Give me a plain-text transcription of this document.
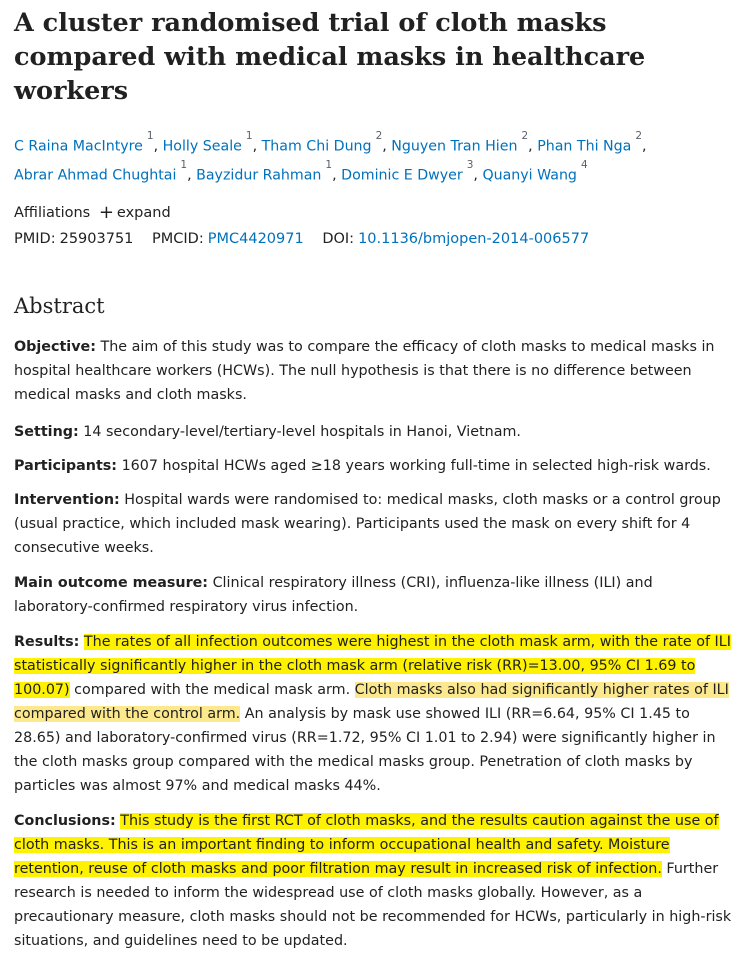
A cluster randomised trial of cloth masks compared with medical masks in healthcare workers
C Raina MacIntyre$^1$, Holly Seale$^1$, Tham Chi Dung$^2$, Nguyen Tran Hien$^2$, Phan Thi Nga$^2$,
Abrar Ahmad Chughtai$^1$, Bayzidur Rahman$^1$, Dominic E Dwyer$^3$, Quanyi Wang$^4$
Affiliations + expand
PMID: 25903751 PMCID: PMC4420971 DOI: 10.1136/bmjopen-2014-006577
Abstract

Objective: The aim of this study was to compare the efficacy of cloth masks to medical masks in hospital healthcare workers (HCWs). The null hypothesis is that there is no difference between medical masks and cloth masks.

Setting: 14 secondary-level/tertiary-level hospitals in Hanoi, Vietnam.

Participants: 1607 hospital HCWs aged ≥18 years working full-time in selected high-risk wards.

Intervention: Hospital wards were randomised to: medical masks, cloth masks or a control group (usual practice, which included mask wearing). Participants used the mask on every shift for 4 consecutive weeks.

Main outcome measure: Clinical respiratory illness (CRI), influenza-like illness (ILI) and laboratory-confirmed respiratory virus infection.

Results: The rates of all infection outcomes were highest in the cloth mask arm, with the rate of ILI statistically significantly higher in the cloth mask arm (relative risk (RR)=13.00, 95% CI 1.69 to 100.07) compared with the medical mask arm. Cloth masks also had significantly higher rates of ILI compared with the control arm. An analysis by mask use showed ILI (RR=6.64, 95% CI 1.45 to 28.65) and laboratory-confirmed virus (RR=1.72, 95% CI 1.01 to 2.94) were significantly higher in the cloth masks group compared with the medical masks group. Penetration of cloth masks by particles was almost 97% and medical masks 44%.

Conclusions: This study is the first RCT of cloth masks, and the results caution against the use of cloth masks. This is an important finding to inform occupational health and safety. Moisture retention, reuse of cloth masks and poor filtration may result in increased risk of infection. Further research is needed to inform the widespread use of cloth masks globally. However, as a precautionary measure, cloth masks should not be recommended for HCWs, particularly in high-risk situations, and guidelines need to be updated.
